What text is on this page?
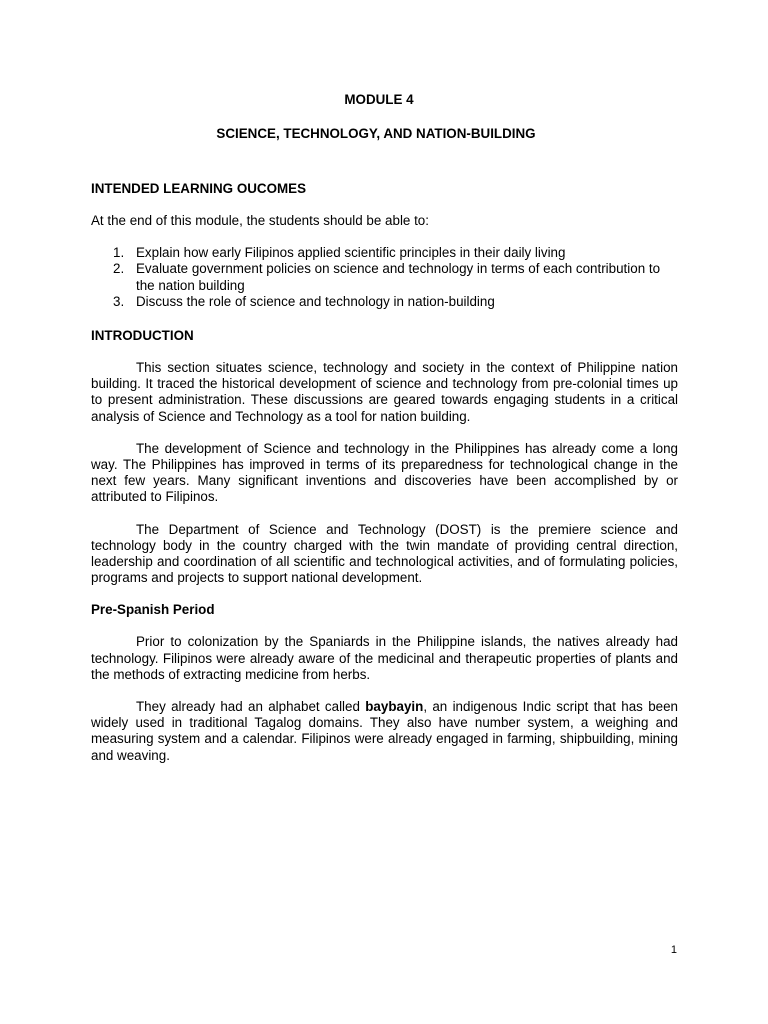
MODULE 4

SCIENCE, TECHNOLOGY, AND NATION-BUILDING

INTENDED LEARNING OUCOMES

At the end of this module, the students should be able to:

1. Explain how early Filipinos applied scientific principles in their daily living
2. Evaluate government policies on science and technology in terms of each contribution to the nation building
3. Discuss the role of science and technology in nation-building

INTRODUCTION

This section situates science, technology and society in the context of Philippine nation building. It traced the historical development of science and technology from pre-colonial times up to present administration. These discussions are geared towards engaging students in a critical analysis of Science and Technology as a tool for nation building.

The development of Science and technology in the Philippines has already come a long way. The Philippines has improved in terms of its preparedness for technological change in the next few years. Many significant inventions and discoveries have been accomplished by or attributed to Filipinos.

The Department of Science and Technology (DOST) is the premiere science and technology body in the country charged with the twin mandate of providing central direction, leadership and coordination of all scientific and technological activities, and of formulating policies, programs and projects to support national development.

Pre-Spanish Period

Prior to colonization by the Spaniards in the Philippine islands, the natives already had technology. Filipinos were already aware of the medicinal and therapeutic properties of plants and the methods of extracting medicine from herbs.

They already had an alphabet called baybayin, an indigenous Indic script that has been widely used in traditional Tagalog domains. They also have number system, a weighing and measuring system and a calendar. Filipinos were already engaged in farming, shipbuilding, mining and weaving.

1
